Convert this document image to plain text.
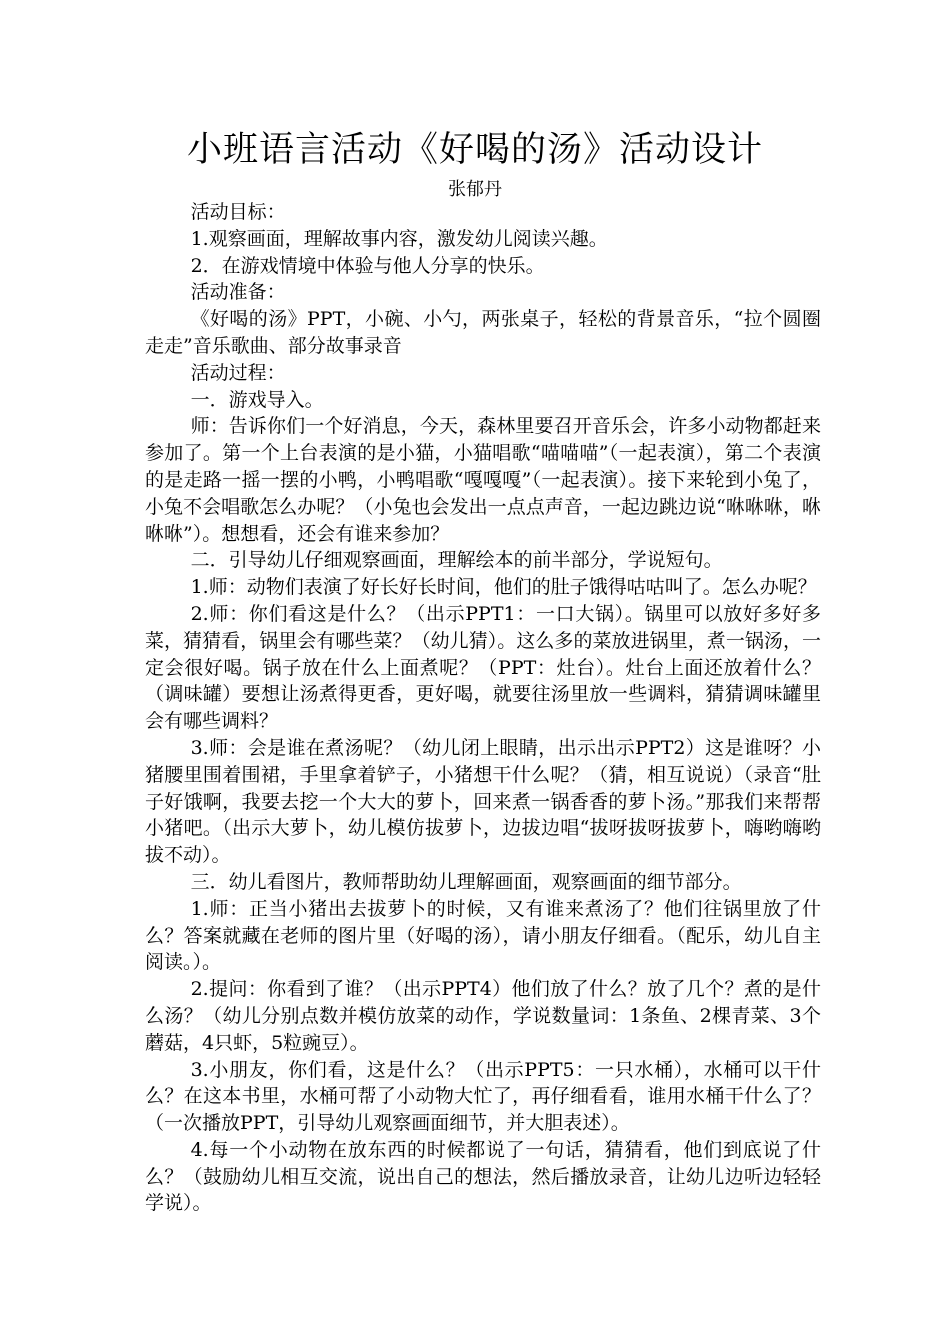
小班语言活动《好喝的汤》活动设计
张郁丹

活动目标：

1.观察画面，理解故事内容，激发幼儿阅读兴趣。

2．在游戏情境中体验与他人分享的快乐。

活动准备：

《好喝的汤》PPT，小碗、小勺，两张桌子，轻松的背景音乐，“拉个圆圈走走”音乐歌曲、部分故事录音

活动过程：

一．游戏导入。

师：告诉你们一个好消息，今天，森林里要召开音乐会，许多小动物都赶来参加了。第一个上台表演的是小猫，小猫唱歌“喵喵喵”（一起表演），第二个表演的是走路一摇一摆的小鸭，小鸭唱歌“嘎嘎嘎”（一起表演）。接下来轮到小兔了，小兔不会唱歌怎么办呢？（小兔也会发出一点点声音，一起边跳边说“咻咻咻，咻咻咻”）。想想看，还会有谁来参加？

二．引导幼儿仔细观察画面，理解绘本的前半部分，学说短句。

1.师：动物们表演了好长好长时间，他们的肚子饿得咕咕叫了。怎么办呢？

2.师：你们看这是什么？（出示PPT1：一口大锅）。锅里可以放好多好多菜，猜猜看，锅里会有哪些菜？（幼儿猜）。这么多的菜放进锅里，煮一锅汤，一定会很好喝。锅子放在什么上面煮呢？（PPT：灶台）。灶台上面还放着什么？（调味罐）要想让汤煮得更香，更好喝，就要往汤里放一些调料，猜猜调味罐里会有哪些调料？

3.师：会是谁在煮汤呢？（幼儿闭上眼睛，出示出示PPT2）这是谁呀？小猪腰里围着围裙，手里拿着铲子，小猪想干什么呢？（猜，相互说说）（录音“肚子好饿啊，我要去挖一个大大的萝卜，回来煮一锅香香的萝卜汤。”那我们来帮帮小猪吧。（出示大萝卜，幼儿模仿拔萝卜，边拔边唱“拔呀拔呀拔萝卜，嗨哟嗨哟拔不动）。

三．幼儿看图片，教师帮助幼儿理解画面，观察画面的细节部分。

1.师：正当小猪出去拔萝卜的时候，又有谁来煮汤了？他们往锅里放了什么？答案就藏在老师的图片里（好喝的汤），请小朋友仔细看。（配乐，幼儿自主阅读。）。

2.提问：你看到了谁？（出示PPT4）他们放了什么？放了几个？煮的是什么汤？（幼儿分别点数并模仿放菜的动作，学说数量词：1条鱼、2棵青菜、3个蘑菇，4只虾，5粒豌豆）。

3.小朋友，你们看，这是什么？（出示PPT5：一只水桶），水桶可以干什么？在这本书里，水桶可帮了小动物大忙了，再仔细看看，谁用水桶干什么了？（一次播放PPT，引导幼儿观察画面细节，并大胆表述）。

4.每一个小动物在放东西的时候都说了一句话，猜猜看，他们到底说了什么？（鼓励幼儿相互交流，说出自己的想法，然后播放录音，让幼儿边听边轻轻学说）。
